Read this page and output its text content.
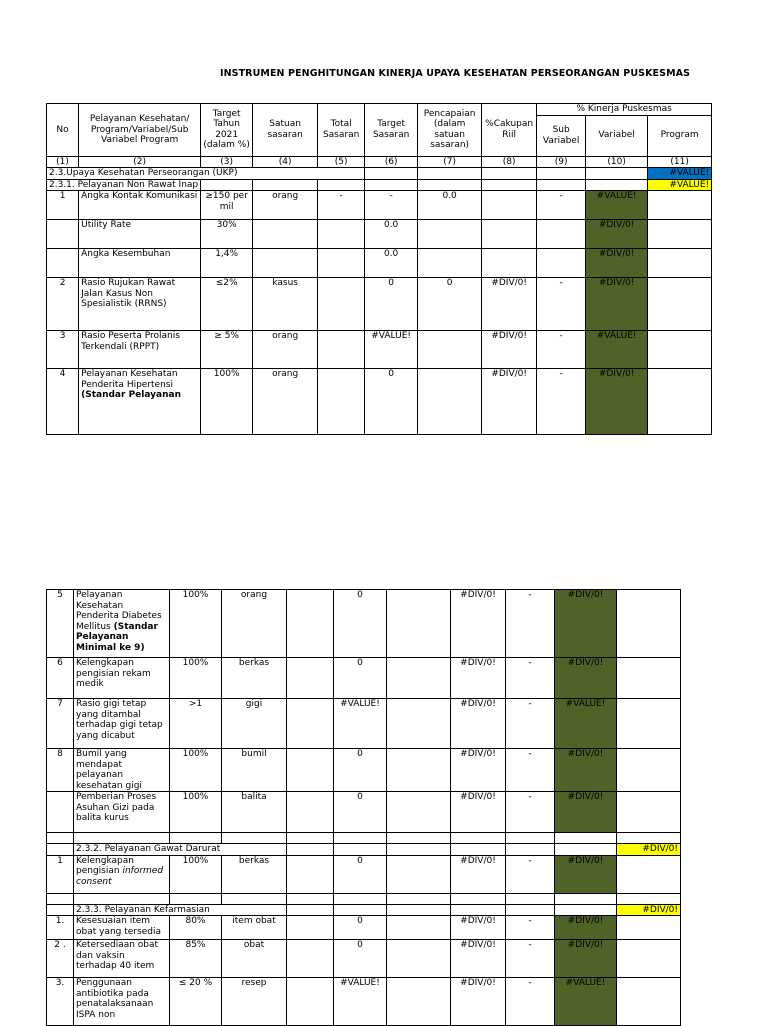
INSTRUMEN PENGHITUNGAN KINERJA UPAYA KESEHATAN PERSEORANGAN PUSKESMAS
No	Pelayanan Kesehatan/ Program/Variabel/Sub Variabel Program	Target Tahun 2021 (dalam %)	Satuan sasaran	Total Sasaran	Target Sasaran	Pencapaian (dalam satuan sasaran)	%Cakupan Riil	% Kinerja Puskesmas		
								Sub Variabel	Variabel	Program
(1)	(2)	(3)	(4)	(5)	(6)	(7)	(8)	(9)	(10)	(11)
2.3.Upaya Kesehatan Perseorangan (UKP)										#VALUE!
2.3.1. Pelayanan Non Rawat Inap										#VALUE!
1	Angka Kontak Komunikasi	≥150 per mil	orang	-	-	0.0		-	#VALUE!	
	Utility Rate	30%			0.0				#DIV/0!	
	Angka Kesembuhan	1,4%			0.0				#DIV/0!	
2	Rasio Rujukan Rawat Jalan Kasus Non Spesialistik (RRNS)	≤2%	kasus		0	0	#DIV/0!	-	#DIV/0!	
3	Rasio Peserta Prolanis Terkendali (RPPT)	≥ 5%	orang		#VALUE!		#DIV/0!	-	#VALUE!	
4	Pelayanan Kesehatan Penderita Hipertensi (Standar Pelayanan	100%	orang		0		#DIV/0!	-	#DIV/0!	
5	Pelayanan Kesehatan Penderita Diabetes Mellitus (Standar Pelayanan Minimal ke 9)	100%	orang		0		#DIV/0!	-	#DIV/0!	
6	Kelengkapan pengisian rekam medik	100%	berkas		0		#DIV/0!	-	#DIV/0!	
7	Rasio gigi tetap yang ditambal terhadap gigi tetap yang dicabut	>1	gigi		#VALUE!		#DIV/0!	-	#VALUE!	
8	Bumil yang mendapat pelayanan kesehatan gigi	100%	bumil		0		#DIV/0!	-	#DIV/0!	
	Pemberian Proses Asuhan Gizi pada balita kurus	100%	balita		0		#DIV/0!	-	#DIV/0!	

	2.3.2. Pelayanan Gawat Darurat									#DIV/0!
1	Kelengkapan pengisian informed consent	100%	berkas		0		#DIV/0!	-	#DIV/0!	

	2.3.3. Pelayanan Kefarmasian									#DIV/0!
1.	Kesesuaian item obat yang tersedia	80%	item obat		0		#DIV/0!	-	#DIV/0!	
2 .	Ketersediaan obat dan vaksin terhadap 40 item	85%	obat		0		#DIV/0!	-	#DIV/0!	
3.	Penggunaan antibiotika pada penatalaksanaan ISPA non	≤ 20 %	resep		#VALUE!		#DIV/0!	-	#VALUE!	
